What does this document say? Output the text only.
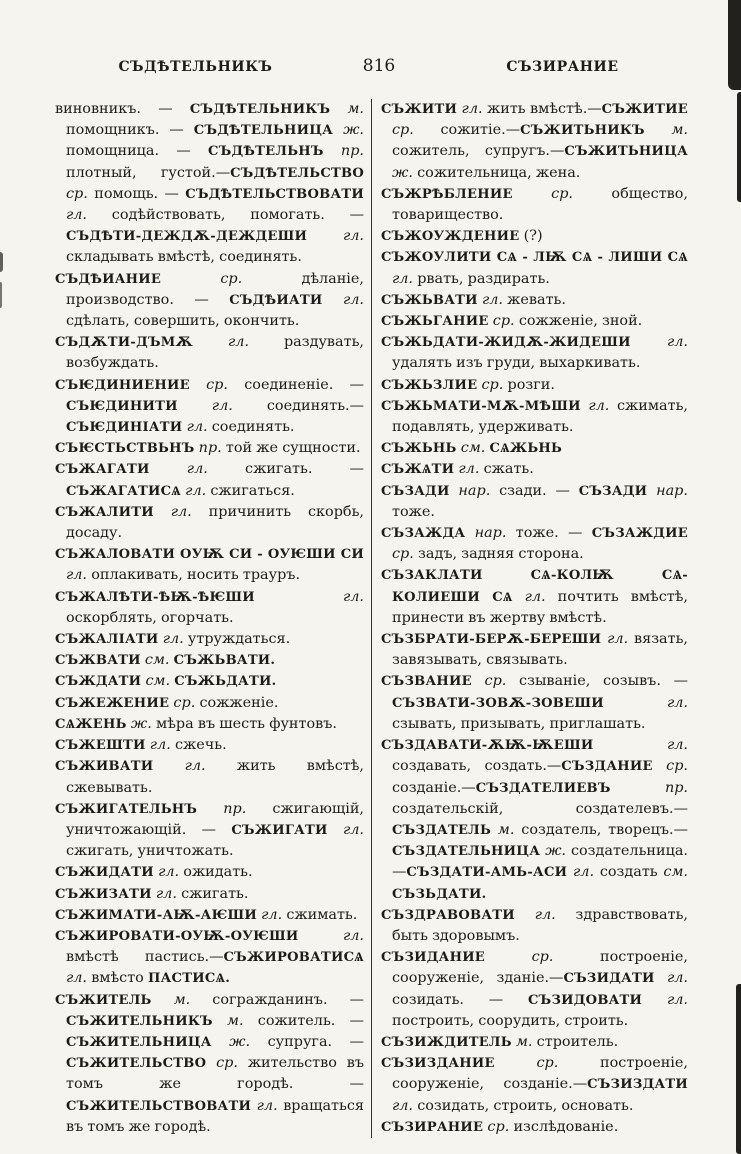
СЪДѢТЕЛЬНИКЪ	816	СЪЗИРАНИЕ

виновникъ. — СЪДѢТЕЛЬНИКЪ м. помощникъ. — СЪДѢТЕЛЬНИЦА ж. помощница. — СЪДѢТЕЛЬНЪ пр. плотный, густой.—СЪДѢТЕЛЬСТВО ср. помощь. — СЪДѢТЕЛЬСТВОВАТИ гл. содѣйствовать, помогать. — СЪДѢТИ-ДЕЖДѪ-ДЕЖДЕШИ гл. складывать вмѣстѣ, соединять.

СЪДѢИАНИЕ ср. дѣланіе, производство. — СЪДѢИАТИ гл. сдѣлать, совершить, окончить.

СЪДѪТИ-ДЪМѪ гл. раздувать, возбуждать.

СЪѤДИНИЕНИЕ ср. соединеніе. — СЪѤДИНИТИ гл. соединять.—СЪѤДИНІАТИ гл. соединять.

СЪѤСТЬСТВЬНЪ пр. той же сущности.

СЪЖАГАТИ гл. сжигать. — СЪЖАГАТИСѦ гл. сжигаться.

СЪЖАЛИТИ гл. причинить скорбь, досаду.

СЪЖАЛОВАТИ ОУѬ СИ - ОУѤШИ СИ гл. оплакивать, носить трауръ.

СЪЖАЛѢТИ-ѢѬ-ѢѤШИ гл. оскорблять, огорчать.

СЪЖАЛІАТИ гл. утруждаться.

СЪЖВАТИ см. СЪЖЬВАТИ.

СЪЖДАТИ см. СЪЖЬДАТИ.

СЪЖЕЖЕНИЕ ср. сожженіе.

СѦЖЕНЬ ж. мѣра въ шесть фунтовъ.

СЪЖЕШТИ гл. сжечь.

СЪЖИВАТИ гл. жить вмѣстѣ, сжевывать.

СЪЖИГАТЕЛЬНЪ пр. сжигающій, уничтожающій. — СЪЖИГАТИ гл. сжигать, уничтожать.

СЪЖИДАТИ гл. ожидать.

СЪЖИЗАТИ гл. сжигать.

СЪЖИМАТИ-АѬ-АѤШИ гл. сжимать.

СЪЖИРОВАТИ-ОУѬ-ОУѤШИ гл. вмѣстѣ пастись.—СЪЖИРОВАТИСѦ гл. вмѣсто ПАСТИСѦ.

СЪЖИТЕЛЬ м. согражданинъ. — СЪЖИТЕЛЬНИКЪ м. сожитель. — СЪЖИТЕЛЬНИЦА ж. супруга. — СЪЖИТЕЛЬСТВО ср. жительство въ томъ же городѣ. —СЪЖИТЕЛЬСТВОВАТИ гл. вращаться въ томъ же городѣ.

СЪЖИТИ гл. жить вмѣстѣ.—СЪЖИТИЕ ср. сожитіе.—СЪЖИТЬНИКЪ м. сожитель, супругъ.—СЪЖИТЬНИЦА ж. сожительница, жена.

СЪЖРѢБЛЕНИЕ ср. общество, товарищество.

СЪЖОУЖДЕНИЕ (?)

СЪЖОУЛИТИ СѦ - ЛѬ СѦ - ЛИШИ СѦ гл. рвать, раздирать.

СЪЖЬВАТИ гл. жевать.

СЪЖЬГАНИЕ ср. сожженіе, зной.

СЪЖЬДАТИ-ЖИДѪ-ЖИДЕШИ гл. удалять изъ груди, выхаркивать.

СЪЖЬЗЛИЕ ср. розги.

СЪЖЬМАТИ-МѪ-МѢШИ гл. сжимать, подавлять, удерживать.

СЪЖЬНЬ см. СѦЖЬНЬ

СЪЖѦТИ гл. сжать.

СЪЗАДИ нар. сзади. — СЪЗАДИ нар. тоже.

СЪЗАЖДА нар. тоже. — СЪЗАЖДИЕ ср. задъ, задняя сторона.

СЪЗАКЛАТИ СѦ-КОЛѬ СѦ-КОЛИЕШИ СѦ гл. почтить вмѣстѣ, принести въ жертву вмѣстѣ.

СЪЗБРАТИ-БЕРѪ-БЕРЕШИ гл. вязать, завязывать, связывать.

СЪЗВАНИЕ ср. сзываніе, созывъ. — СЪЗВАТИ-ЗОВѪ-ЗОВЕШИ гл. сзывать, призывать, приглашать.

СЪЗДАВАТИ-ѪѬ-ѬЕШИ гл. создавать, создать.—СЪЗДАНИЕ ср. созданіе.—СЪЗДАТЕЛИЕВЪ пр. создательскій, создателевъ.—СЪЗДАТЕЛЬ м. создатель, творецъ.—СЪЗДАТЕЛЬНИЦА ж. создательница.—СЪЗДАТИ-АМЬ-АСИ гл. создать см. СЪЗЬДАТИ.

СЪЗДРАВОВАТИ гл. здравствовать, быть здоровымъ.

СЪЗИДАНИЕ ср. построеніе, сооруженіе, зданіе.—СЪЗИДАТИ гл. созидать. — СЪЗИДОВАТИ гл. построить, соорудить, строить.

СЪЗИЖДИТЕЛЬ м. строитель.

СЪЗИЗДАНИЕ ср. построеніе, сооруженіе, созданіе.—СЪЗИЗДАТИ гл. созидать, строить, основать.

СЪЗИРАНИЕ ср. изслѣдованіе.
